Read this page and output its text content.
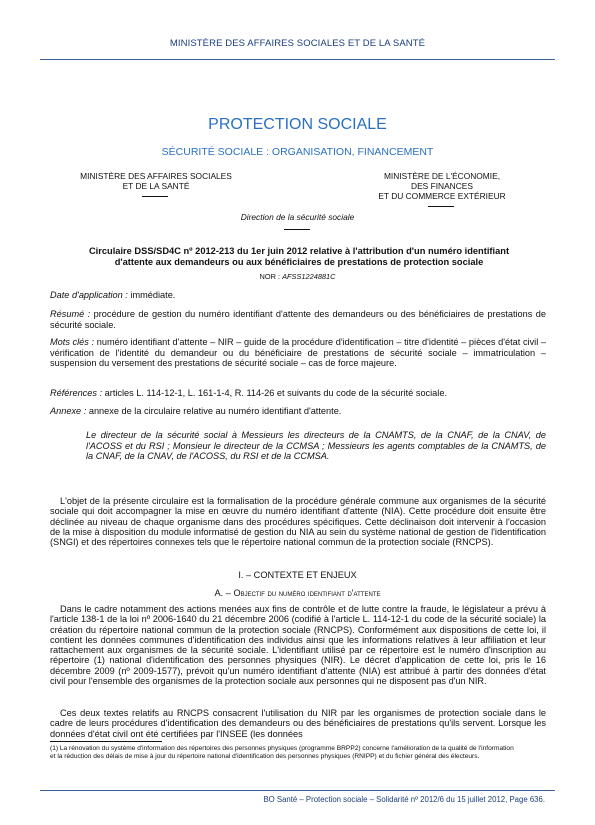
MINISTÈRE DES AFFAIRES SOCIALES ET DE LA SANTÉ
PROTECTION SOCIALE
SÉCURITÉ SOCIALE : ORGANISATION, FINANCEMENT
MINISTÈRE DES AFFAIRES SOCIALES
ET DE LA SANTÉ
MINISTÈRE DE L'ÉCONOMIE,
DES FINANCES
ET DU COMMERCE EXTÉRIEUR
Direction de la sécurité sociale
Circulaire DSS/SD4C nº 2012-213 du 1er juin 2012 relative à l'attribution d'un numéro identifiant
d'attente aux demandeurs ou aux bénéficiaires de prestations de protection sociale
NOR : AFSS1224881C
Date d'application : immédiate.
Résumé : procédure de gestion du numéro identifiant d'attente des demandeurs ou des bénéficiaires de prestations de sécurité sociale.
Mots clés : numéro identifiant d'attente – NIR – guide de la procédure d'identification – titre d'identité – pièces d'état civil – vérification de l'identité du demandeur ou du bénéficiaire de prestations de sécurité sociale – immatriculation – suspension du versement des prestations de sécurité sociale – cas de force majeure.
Références : articles L. 114-12-1, L. 161-1-4, R. 114-26 et suivants du code de la sécurité sociale.
Annexe : annexe de la circulaire relative au numéro identifiant d'attente.
Le directeur de la sécurité social à Messieurs les directeurs de la CNAMTS, de la CNAF, de la CNAV, de l'ACOSS et du RSI ; Monsieur le directeur de la CCMSA ; Messieurs les agents comptables de la CNAMTS, de la CNAF, de la CNAV, de l'ACOSS, du RSI et de la CCMSA.
L'objet de la présente circulaire est la formalisation de la procédure générale commune aux organismes de la sécurité sociale qui doit accompagner la mise en œuvre du numéro identifiant d'attente (NIA). Cette procédure doit ensuite être déclinée au niveau de chaque organisme dans des procédures spécifiques. Cette déclinaison doit intervenir à l'occasion de la mise à disposition du module informatisé de gestion du NIA au sein du système national de gestion de l'identification (SNGI) et des répertoires connexes tels que le répertoire national commun de la protection sociale (RNCPS).
I. – CONTEXTE ET ENJEUX
A. – Objectif du numéro identifiant d'attente
Dans le cadre notamment des actions menées aux fins de contrôle et de lutte contre la fraude, le législateur a prévu à l'article 138-1 de la loi nº 2006-1640 du 21 décembre 2006 (codifié à l'article L. 114-12-1 du code de la sécurité sociale) la création du répertoire national commun de la protection sociale (RNCPS). Conformément aux dispositions de cette loi, il contient les données communes d'identification des individus ainsi que les informations relatives à leur affiliation et leur rattachement aux organismes de la sécurité sociale. L'identifiant utilisé par ce répertoire est le numéro d'inscription au répertoire (1) national d'identification des personnes physiques (NIR). Le décret d'application de cette loi, pris le 16 décembre 2009 (nº 2009-1577), prévoit qu'un numéro identifiant d'attente (NIA) est attribué à partir des données d'état civil pour l'ensemble des organismes de la protection sociale aux personnes qui ne disposent pas d'un NIR.
Ces deux textes relatifs au RNCPS consacrent l'utilisation du NIR par les organismes de protection sociale dans le cadre de leurs procédures d'identification des demandeurs ou des bénéficiaires de prestations qu'ils servent. Lorsque les données d'état civil ont été certifiées par l'INSEE (les données
(1) La rénovation du système d'information des répertoires des personnes physiques (programme BRPP2) concerne l'amélioration de la qualité de l'information
et la réduction des délais de mise à jour du répertoire national d'identification des personnes physiques (RNIPP) et du fichier général des électeurs.
BO Santé – Protection sociale – Solidarité nº 2012/6 du 15 juillet 2012, Page 636.
